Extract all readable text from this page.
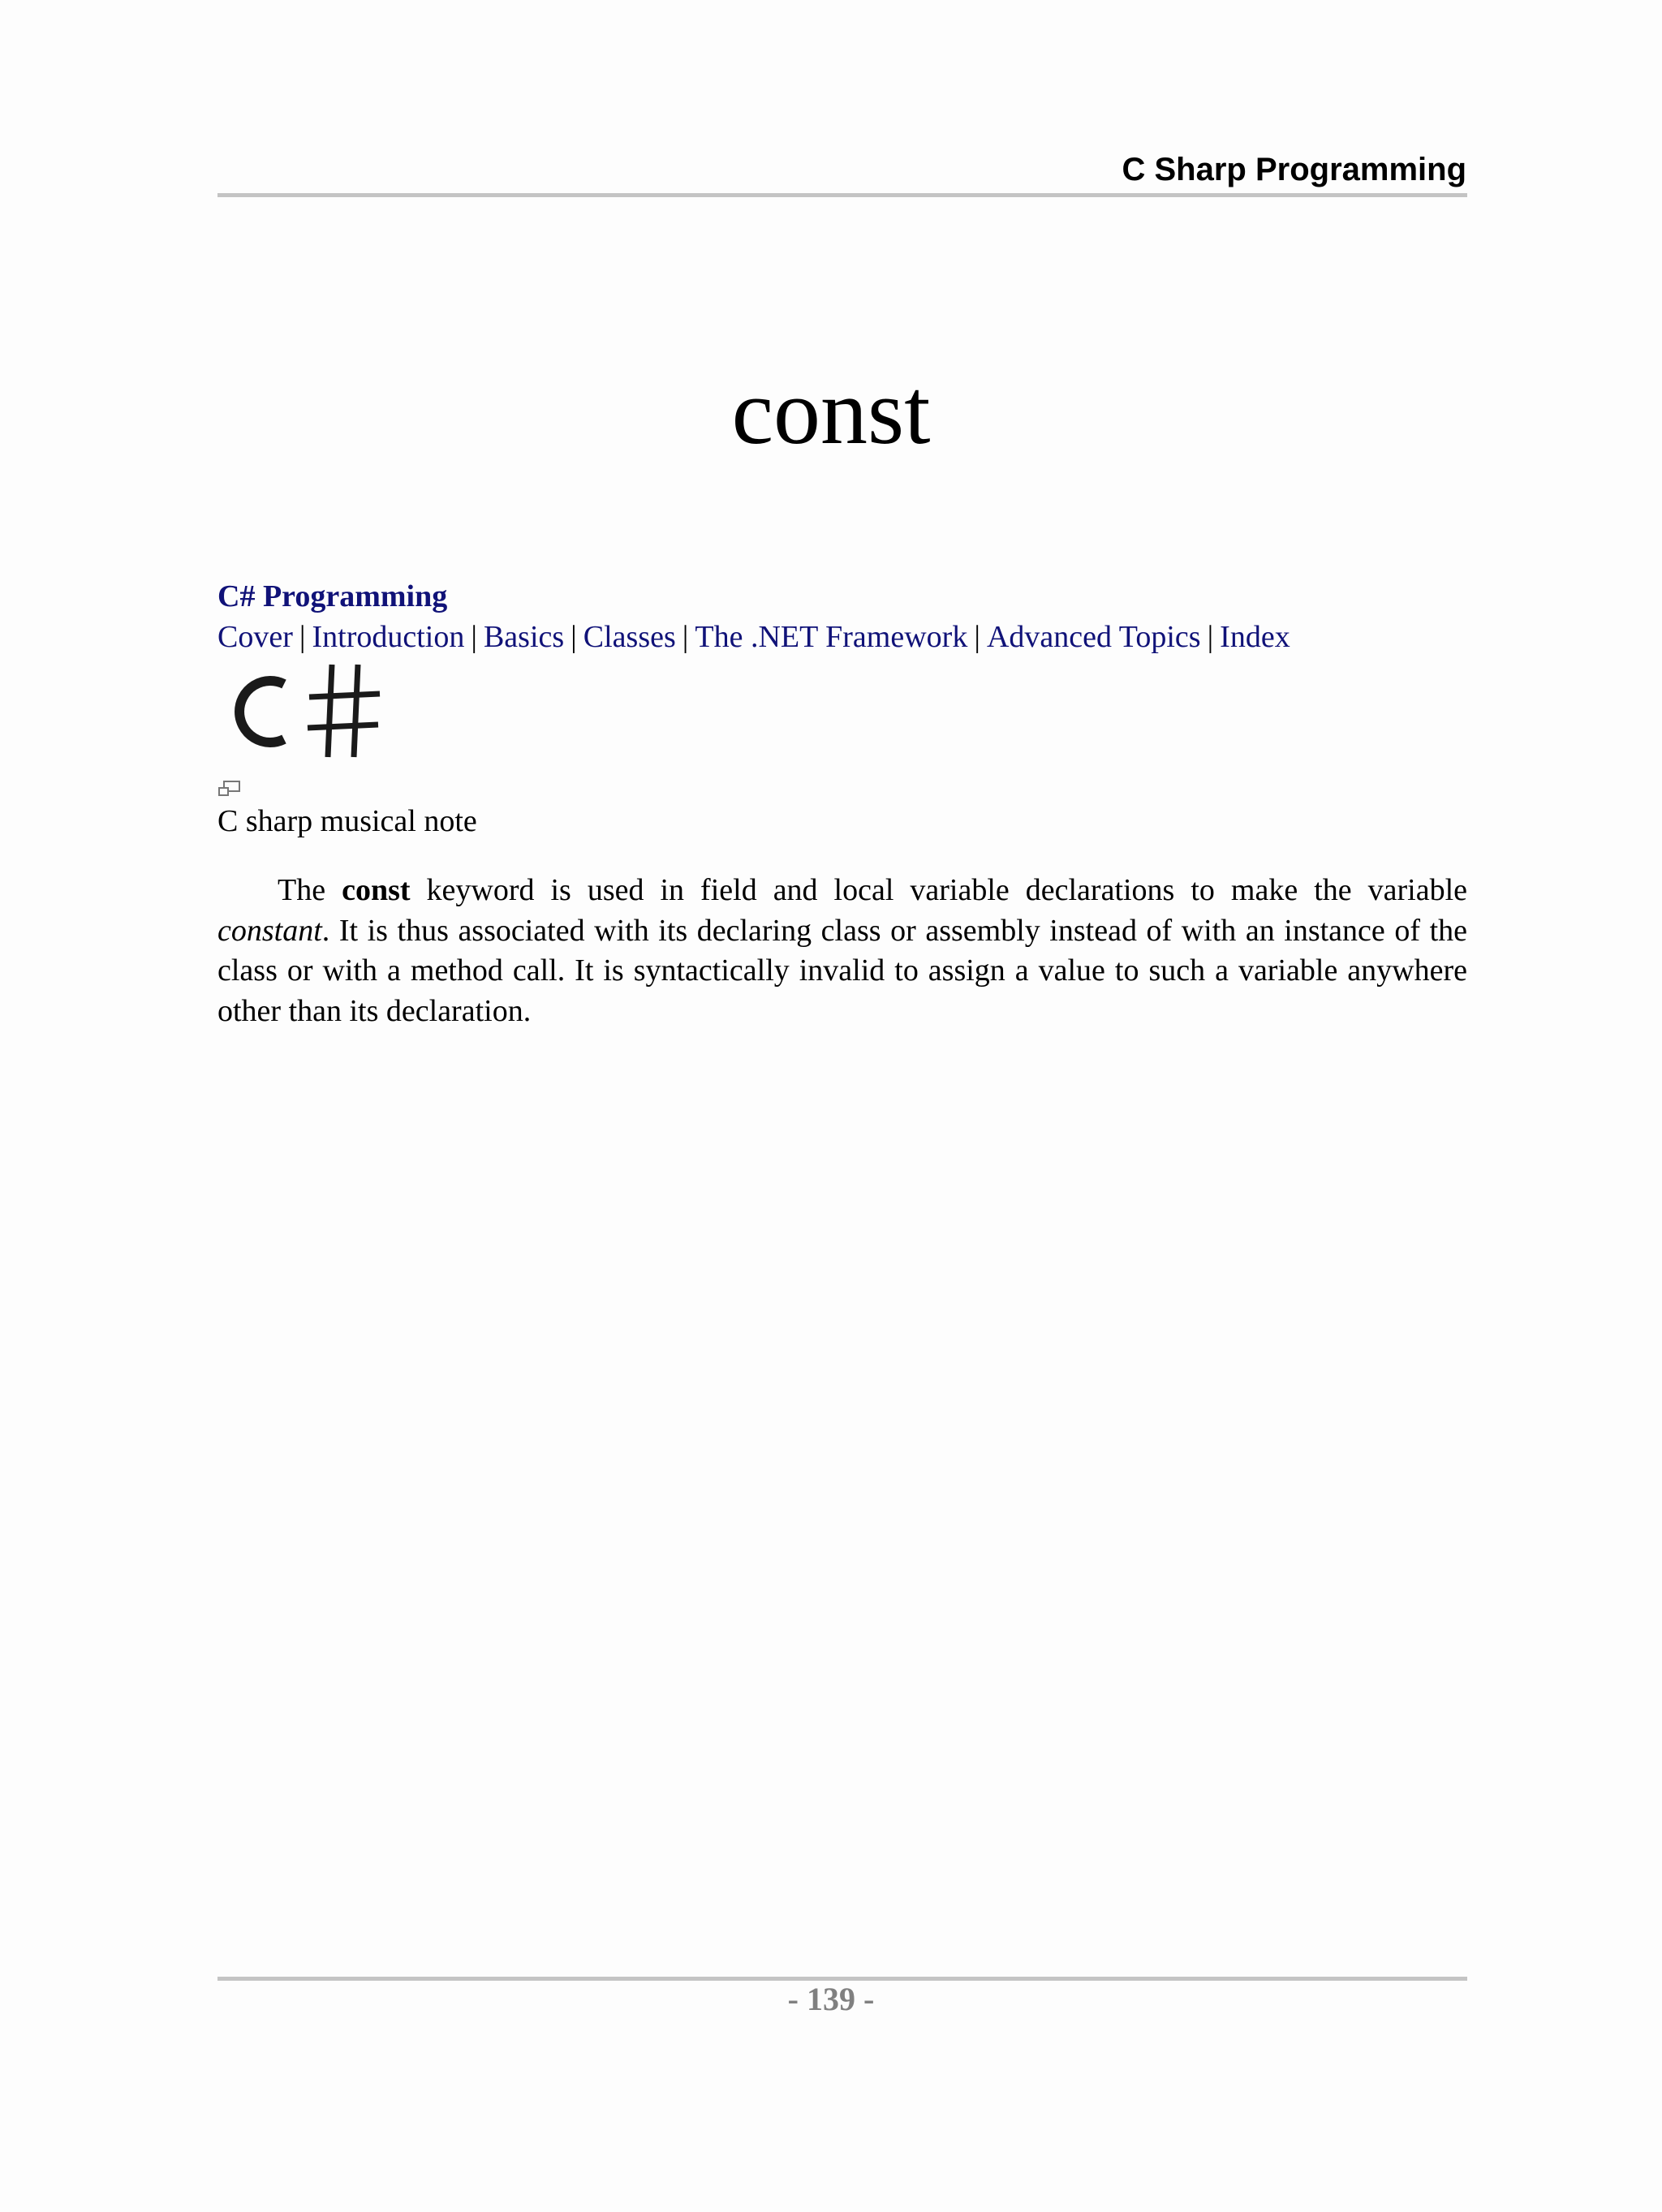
C Sharp Programming
const
C# Programming
Cover | Introduction | Basics | Classes | The .NET Framework | Advanced Topics | Index
C sharp musical note

The const keyword is used in field and local variable declarations to make the variable constant. It is thus associated with its declaring class or assembly instead of with an instance of the class or with a method call. It is syntactically invalid to assign a value to such a variable anywhere other than its declaration.

- 139 -
